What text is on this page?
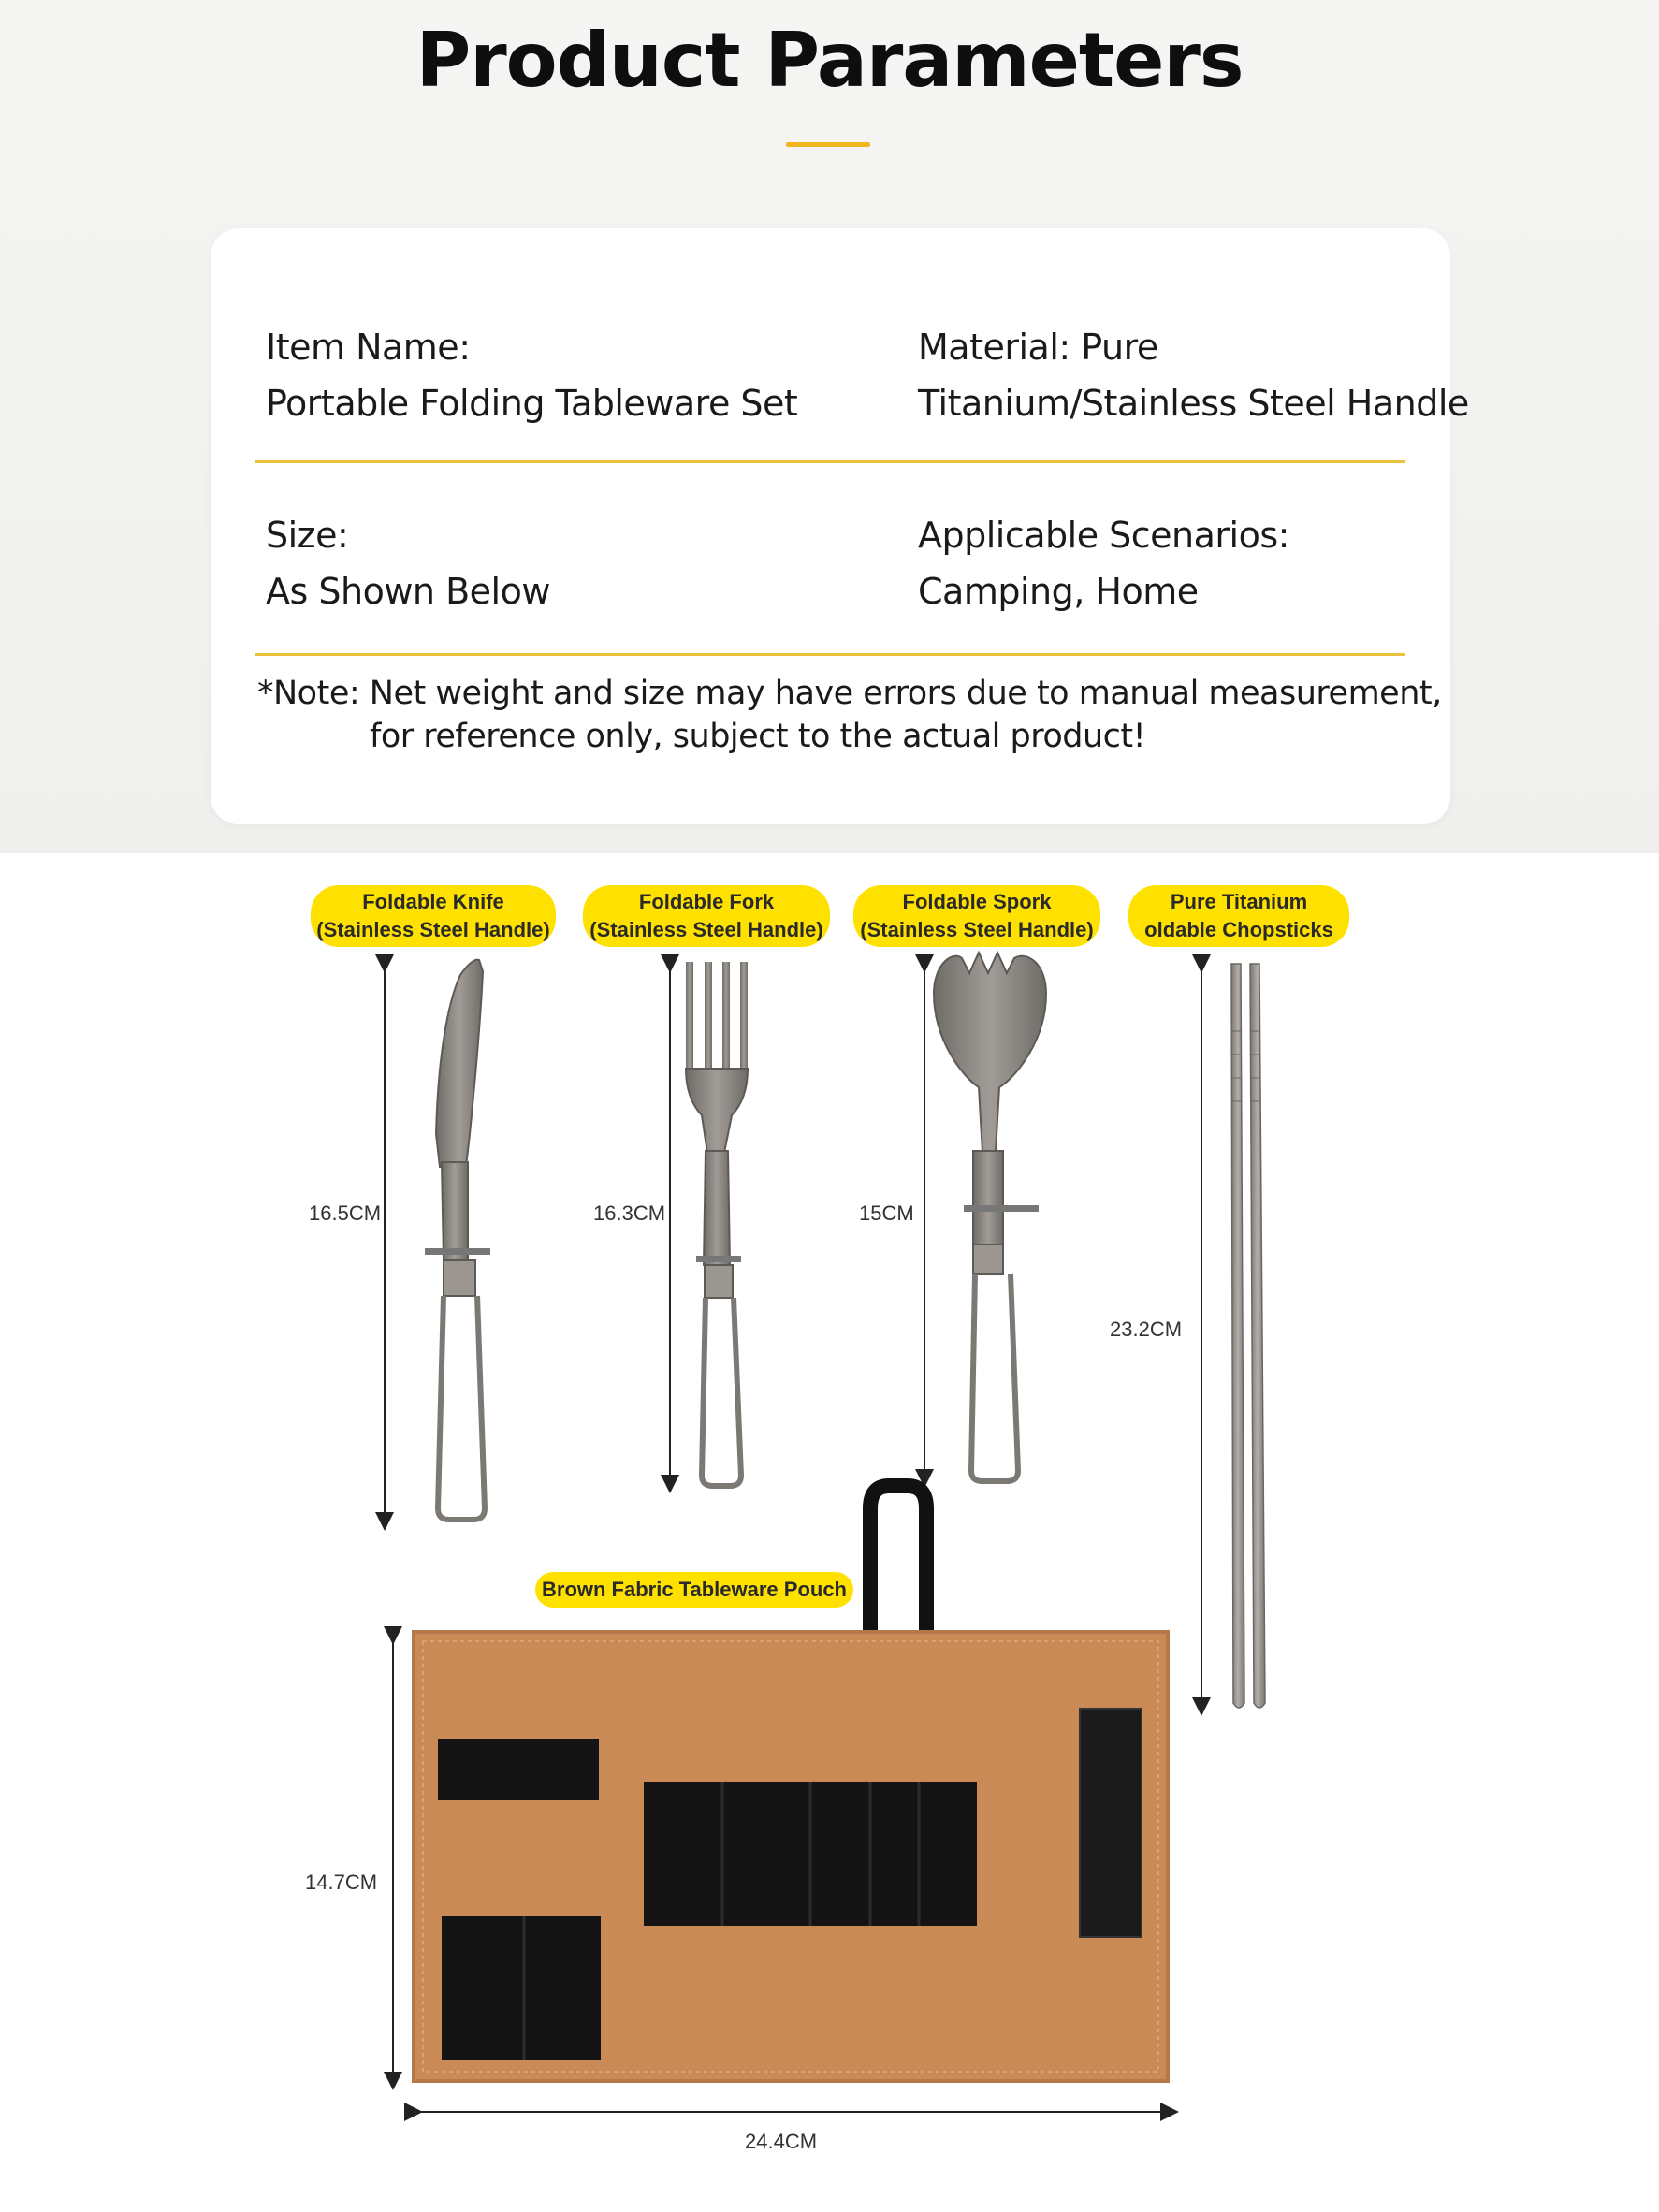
Product Parameters
Item Name:
Portable Folding Tableware Set
Material: Pure
Titanium/Stainless Steel Handle
Size:
As Shown Below
Applicable Scenarios:
Camping, Home
*Note: Net weight and size may have errors due to manual measurement,
for reference only, subject to the actual product!
Foldable Knife
(Stainless Steel Handle)
Foldable Fork
(Stainless Steel Handle)
Foldable Spork
(Stainless Steel Handle)
Pure Titanium
oldable Chopsticks
Brown Fabric Tableware Pouch
16.5CM	16.3CM	15CM
23.2CM
14.7CM
24.4CM
